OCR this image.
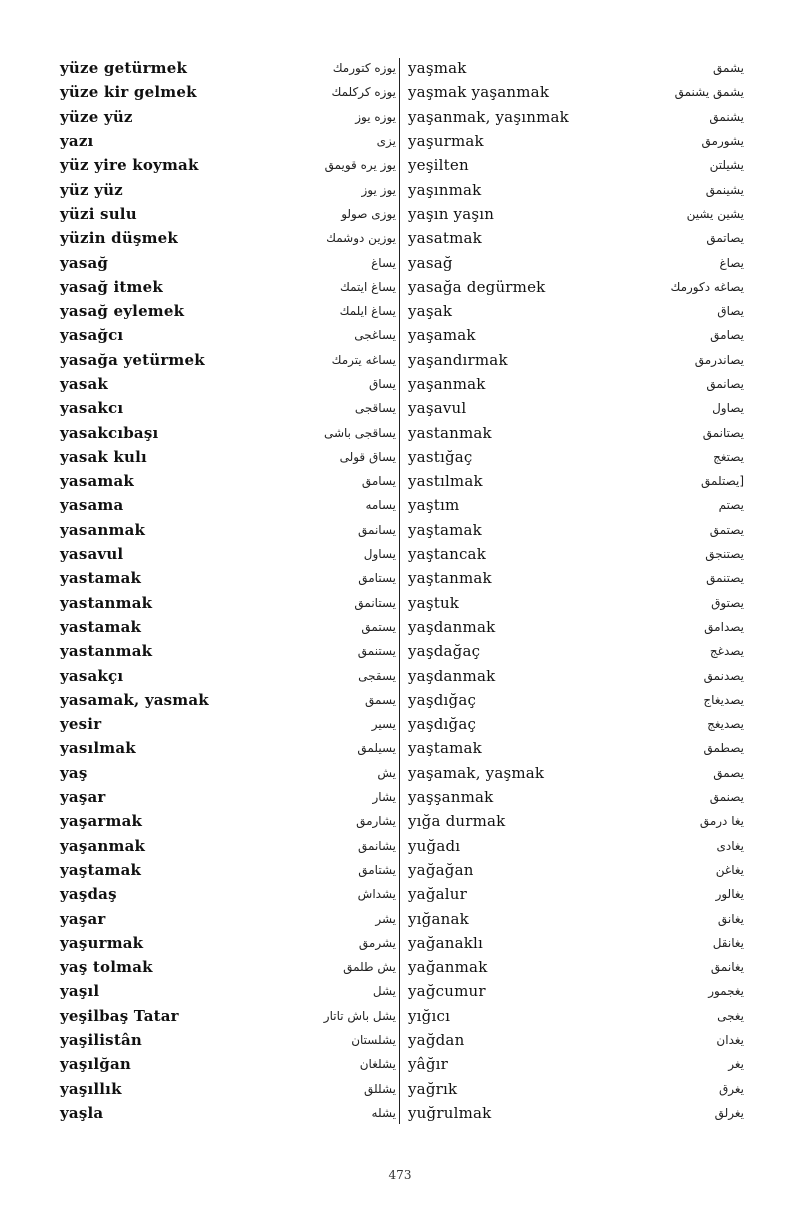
yüze getürmek	يوزه كتورمك
yüze kir gelmek	يوزه كركلمك
yüze yüz	يوزه يوز
yazı	يزى
yüz yire koymak	يوز يره قويمق
yüz yüz	يوز يوز
yüzi sulu	يوزى صولو
yüzin düşmek	يوزين دوشمك
yasağ	يساغ
yasağ itmek	يساغ ايتمك
yasağ eylemek	يساغ ايلمك
yasağcı	يساغجى
yasağa yetürmek	يساغه يترمك
yasak	يساق
yasakcı	يساقجى
yasakcıbaşı	يساقجى باشى
yasak kulı	يساق قولى
yasamak	يسامق
yasama	يسامه
yasanmak	يسانمق
yasavul	يساول
yastamak	يستامق
yastanmak	يستانمق
yastamak	يستمق
yastanmak	يستنمق
yasakçı	يسقجى
yasamak, yasmak	يسمق
yesir	يسير
yasılmak	يسيلمق
yaş	يش
yaşar	يشار
yaşarmak	يشارمق
yaşanmak	يشانمق
yaştamak	يشتامق
yaşdaş	يشداش
yaşar	يشر
yaşurmak	يشرمق
yaş tolmak	يش طلمق
yaşıl	يشل
yeşilbaş Tatar	يشل باش تاتار
yaşilistân	يشلستان
yaşılğan	يشلغان
yaşıllık	يشللق
yaşla	يشله
yaşmak	يشمق
yaşmak yaşanmak	يشمق يشنمق
yaşanmak, yaşınmak	يشنمق
yaşurmak	يشورمق
yeşilten	يشيلتن
yaşınmak	يشينمق
yaşın yaşın	يشين يشين
yasatmak	يصاتمق
yasağ	يصاغ
yasağa degürmek	يصاغه دكورمك
yaşak	يصاق
yaşamak	يصامق
yaşandırmak	يصاندرمق
yaşanmak	يصانمق
yaşavul	يصاول
yastanmak	يصتانمق
yastığaç	يصتغج
yastılmak	[يصتلمق
yaştım	يصتم
yaştamak	يصتمق
yaştancak	يصتنجق
yaştanmak	يصتنمق
yaştuk	يصتوق
yaşdanmak	يصدامق
yaşdağaç	يصدغج
yaşdanmak	يصدنمق
yaşdığaç	يصديغاج
yaşdığaç	يصديغج
yaştamak	يصطمق
yaşamak, yaşmak	يصمق
yaşşanmak	يصنمق
yığa durmak	يغا درمق
yuğadı	يغادى
yağağan	يغاغن
yağalur	يغالور
yığanak	يغانق
yağanaklı	يغانقل
yağanmak	يغانمق
yağcumur	يغجمور
yığıcı	يغجى
yağdan	يغدان
yâğır	يغر
yağrık	يغرق
yuğrulmak	يغرلق
473
